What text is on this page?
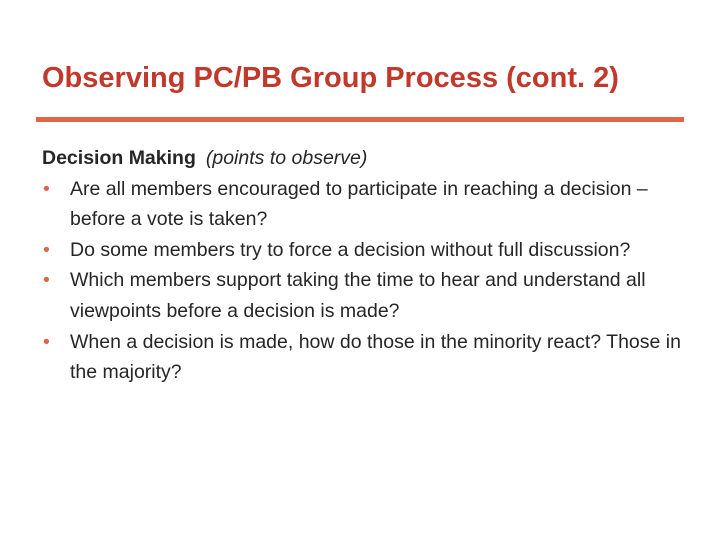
Observing PC/PB Group Process (cont. 2)
Decision Making (points to observe)
• Are all members encouraged to participate in reaching a decision – before a vote is taken?
• Do some members try to force a decision without full discussion?
• Which members support taking the time to hear and understand all viewpoints before a decision is made?
• When a decision is made, how do those in the minority react? Those in the majority?
